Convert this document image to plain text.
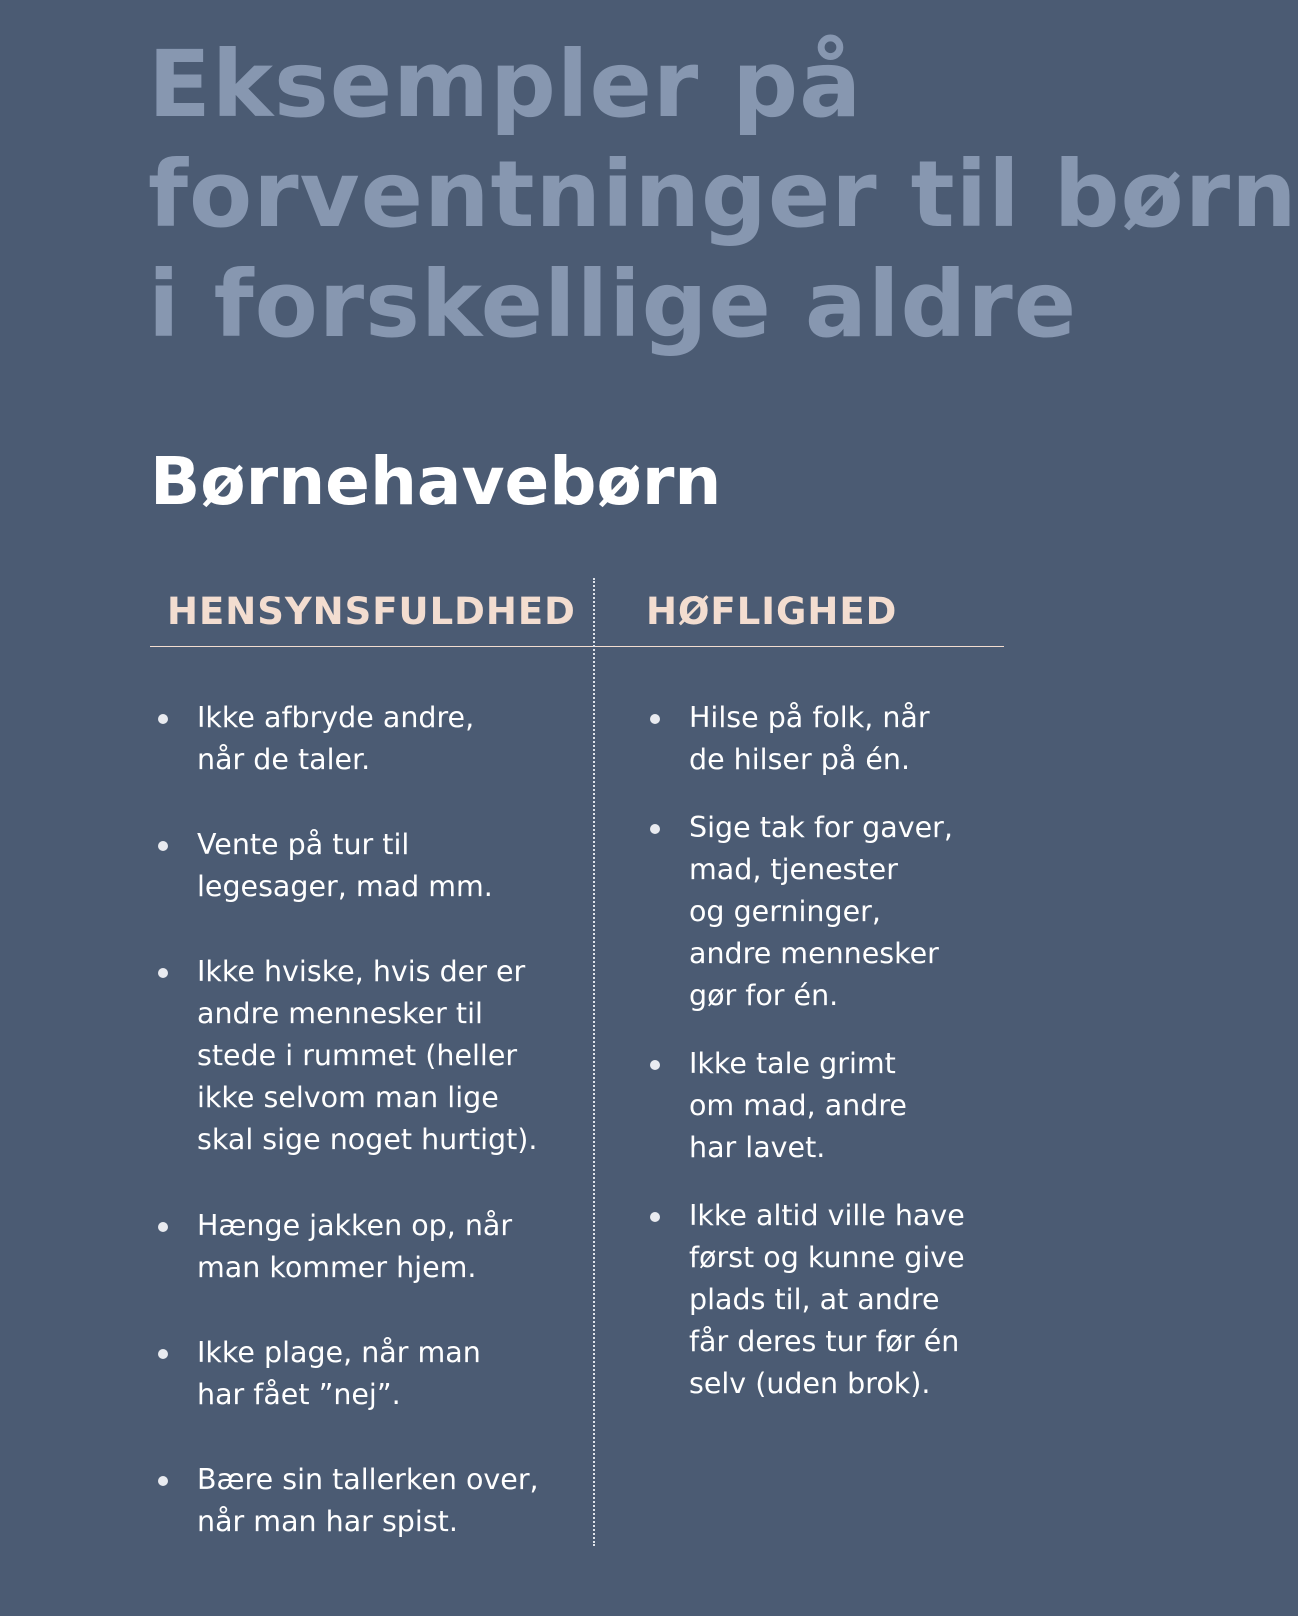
Eksempler på
forventninger til børn
i forskellige aldre
Børnehavebørn
HENSYNSFULDHED HØFLIGHED
Ikke afbryde andre,
når de taler.
Vente på tur til
legesager, mad mm.
Ikke hviske, hvis der er
andre mennesker til
stede i rummet (heller
ikke selvom man lige
skal sige noget hurtigt).
Hænge jakken op, når
man kommer hjem.
Ikke plage, når man
har fået ”nej”.
Bære sin tallerken over,
når man har spist.
Hilse på folk, når
de hilser på én.
Sige tak for gaver,
mad, tjenester
og gerninger,
andre mennesker
gør for én.
Ikke tale grimt
om mad, andre
har lavet.
Ikke altid ville have
først og kunne give
plads til, at andre
får deres tur før én
selv (uden brok).
